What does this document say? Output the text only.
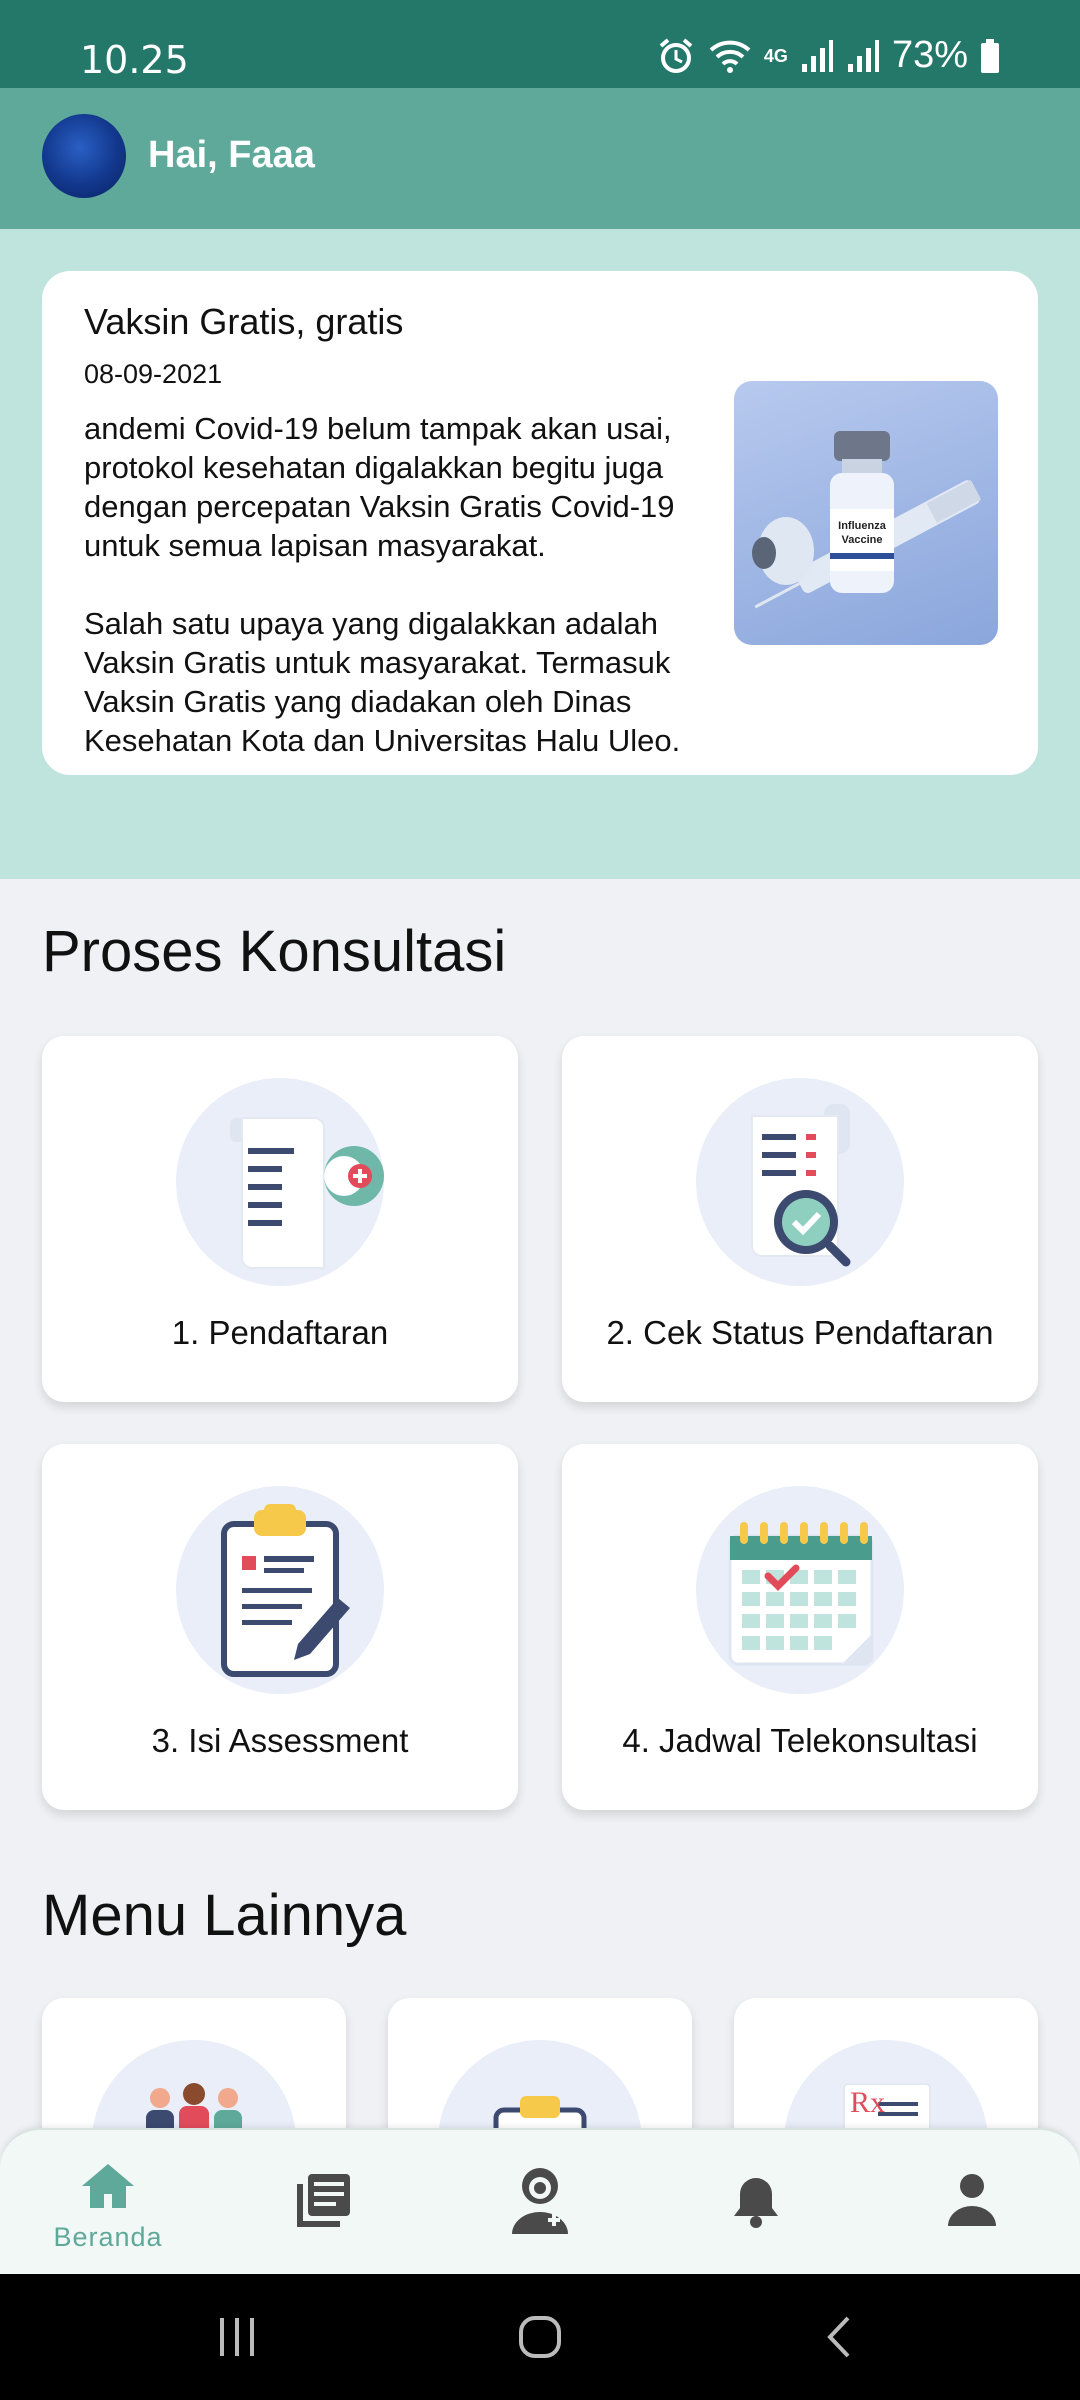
10.25	4G	73%
Hai, Faaa
Vaksin Gratis, gratis
08-09-2021
andemi Covid-19 belum tampak akan usai, protokol kesehatan digalakkan begitu juga dengan percepatan Vaksin Gratis Covid-19 untuk semua lapisan masyarakat.

Salah satu upaya yang digalakkan adalah Vaksin Gratis untuk masyarakat. Termasuk Vaksin Gratis yang diadakan oleh Dinas Kesehatan Kota dan Universitas Halu Uleo.
Influenza
Vaccine
Proses Konsultasi
1. Pendaftaran	2. Cek Status Pendaftaran
3. Isi Assessment	4. Jadwal Telekonsultasi
Menu Lainnya
Rx
Beranda
